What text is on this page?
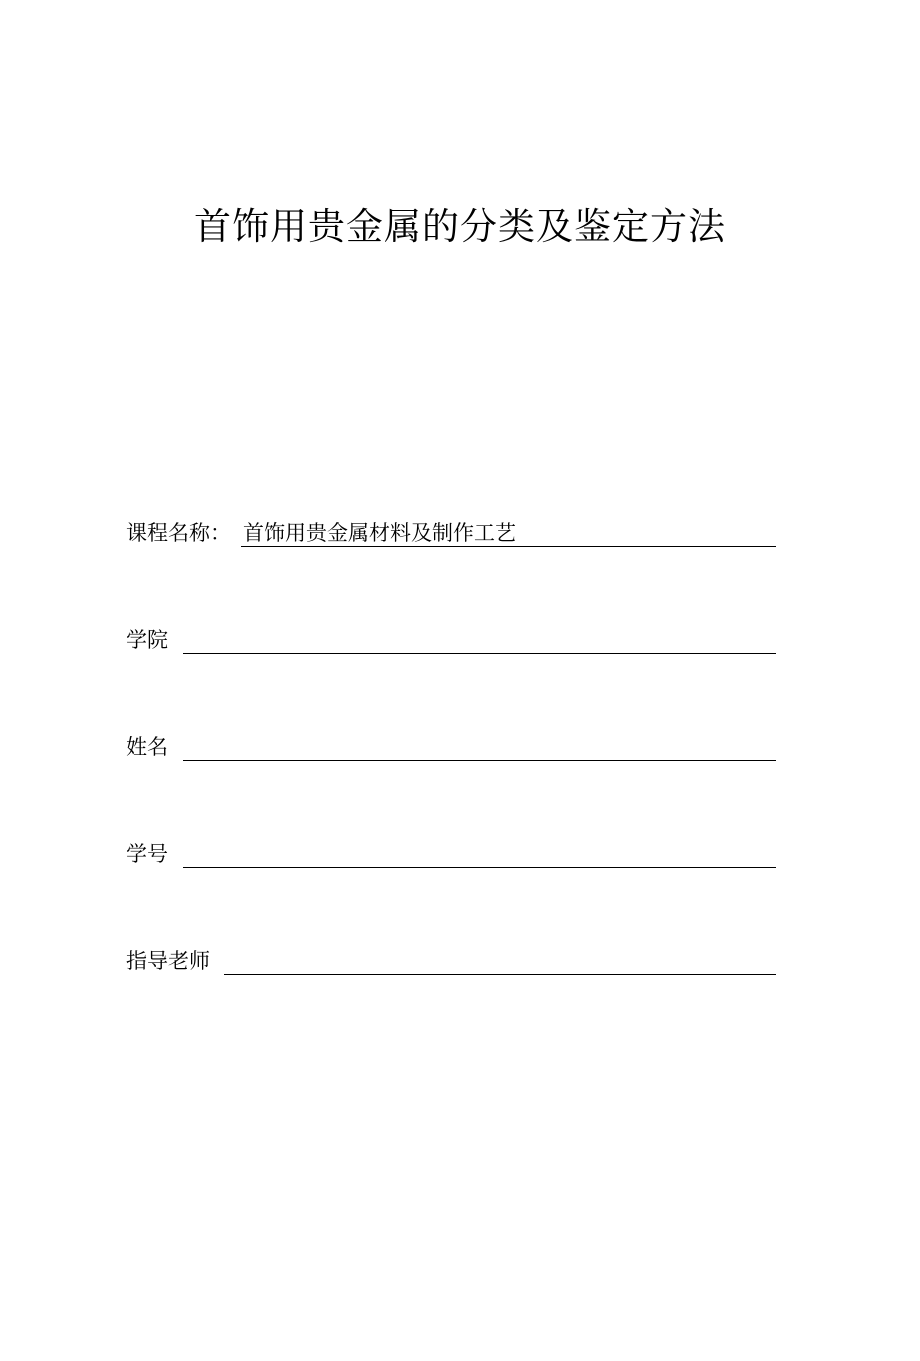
首饰用贵金属的分类及鉴定方法
课程名称： 首饰用贵金属材料及制作工艺
学院
姓名
学号
指导老师
